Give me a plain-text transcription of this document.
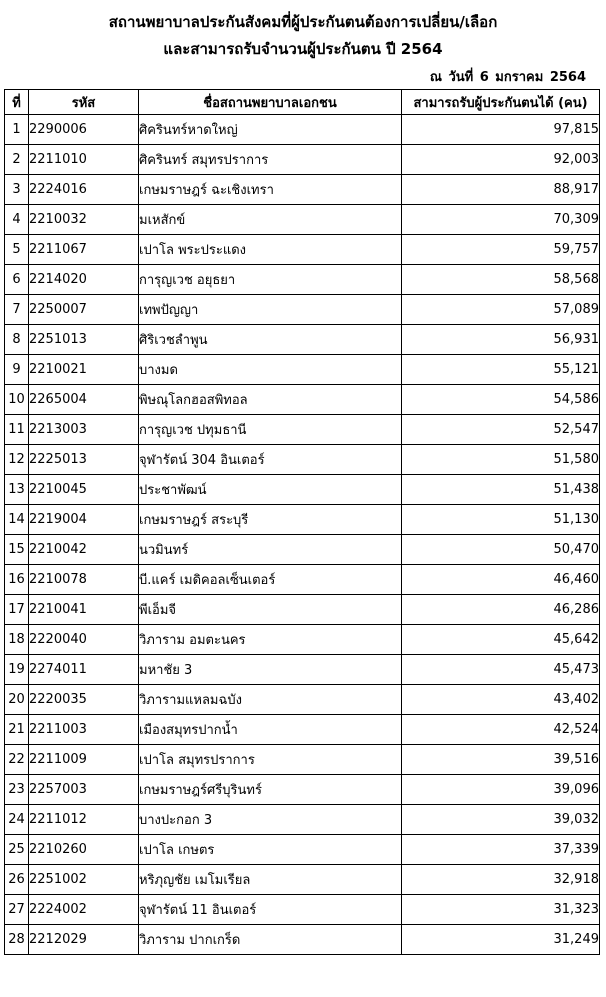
สถานพยาบาลประกันสังคมที่ผู้ประกันตนต้องการเปลี่ยน/เลือก
และสามารถรับจำนวนผู้ประกันตน ปี 2564
ณ วันที่ 6 มกราคม 2564
ที่	รหัส	ชื่อสถานพยาบาลเอกชน	สามารถรับผู้ประกันตนได้ (คน)
1	2290006	ศิครินทร์หาดใหญ่	97,815
2	2211010	ศิครินทร์ สมุทรปราการ	92,003
3	2224016	เกษมราษฎร์ ฉะเชิงเทรา	88,917
4	2210032	มเหสักข์	70,309
5	2211067	เปาโล พระประแดง	59,757
6	2214020	การุญเวช อยุธยา	58,568
7	2250007	เทพปัญญา	57,089
8	2251013	ศิริเวชลำพูน	56,931
9	2210021	บางมด	55,121
10	2265004	พิษณุโลกฮอสพิทอล	54,586
11	2213003	การุญเวช ปทุมธานี	52,547
12	2225013	จุฬารัตน์ 304 อินเตอร์	51,580
13	2210045	ประชาพัฒน์	51,438
14	2219004	เกษมราษฎร์ สระบุรี	51,130
15	2210042	นวมินทร์	50,470
16	2210078	บี.แคร์ เมดิคอลเซ็นเตอร์	46,460
17	2210041	พีเอ็มจี	46,286
18	2220040	วิภาราม อมตะนคร	45,642
19	2274011	มหาชัย 3	45,473
20	2220035	วิภารามแหลมฉบัง	43,402
21	2211003	เมืองสมุทรปากน้ำ	42,524
22	2211009	เปาโล สมุทรปราการ	39,516
23	2257003	เกษมราษฎร์ศรีบุรินทร์	39,096
24	2211012	บางปะกอก 3	39,032
25	2210260	เปาโล เกษตร	37,339
26	2251002	หริภุญชัย เมโมเรียล	32,918
27	2224002	จุฬารัตน์ 11 อินเตอร์	31,323
28	2212029	วิภาราม ปากเกร็ด	31,249
